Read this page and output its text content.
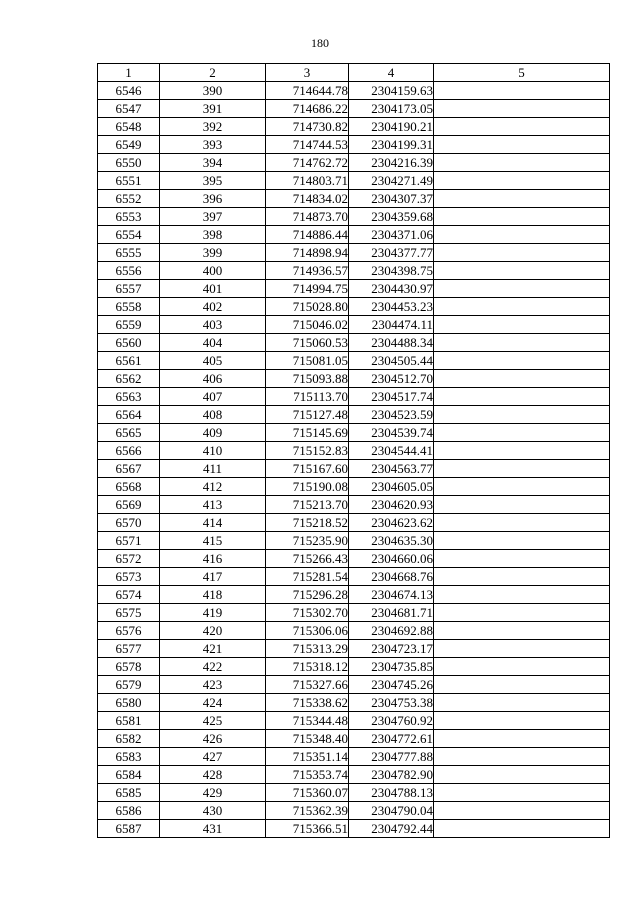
180
1	2	3	4	5
6546	390	714644.78	2304159.63	
6547	391	714686.22	2304173.05	
6548	392	714730.82	2304190.21	
6549	393	714744.53	2304199.31	
6550	394	714762.72	2304216.39	
6551	395	714803.71	2304271.49	
6552	396	714834.02	2304307.37	
6553	397	714873.70	2304359.68	
6554	398	714886.44	2304371.06	
6555	399	714898.94	2304377.77	
6556	400	714936.57	2304398.75	
6557	401	714994.75	2304430.97	
6558	402	715028.80	2304453.23	
6559	403	715046.02	2304474.11	
6560	404	715060.53	2304488.34	
6561	405	715081.05	2304505.44	
6562	406	715093.88	2304512.70	
6563	407	715113.70	2304517.74	
6564	408	715127.48	2304523.59	
6565	409	715145.69	2304539.74	
6566	410	715152.83	2304544.41	
6567	411	715167.60	2304563.77	
6568	412	715190.08	2304605.05	
6569	413	715213.70	2304620.93	
6570	414	715218.52	2304623.62	
6571	415	715235.90	2304635.30	
6572	416	715266.43	2304660.06	
6573	417	715281.54	2304668.76	
6574	418	715296.28	2304674.13	
6575	419	715302.70	2304681.71	
6576	420	715306.06	2304692.88	
6577	421	715313.29	2304723.17	
6578	422	715318.12	2304735.85	
6579	423	715327.66	2304745.26	
6580	424	715338.62	2304753.38	
6581	425	715344.48	2304760.92	
6582	426	715348.40	2304772.61	
6583	427	715351.14	2304777.88	
6584	428	715353.74	2304782.90	
6585	429	715360.07	2304788.13	
6586	430	715362.39	2304790.04	
6587	431	715366.51	2304792.44	
